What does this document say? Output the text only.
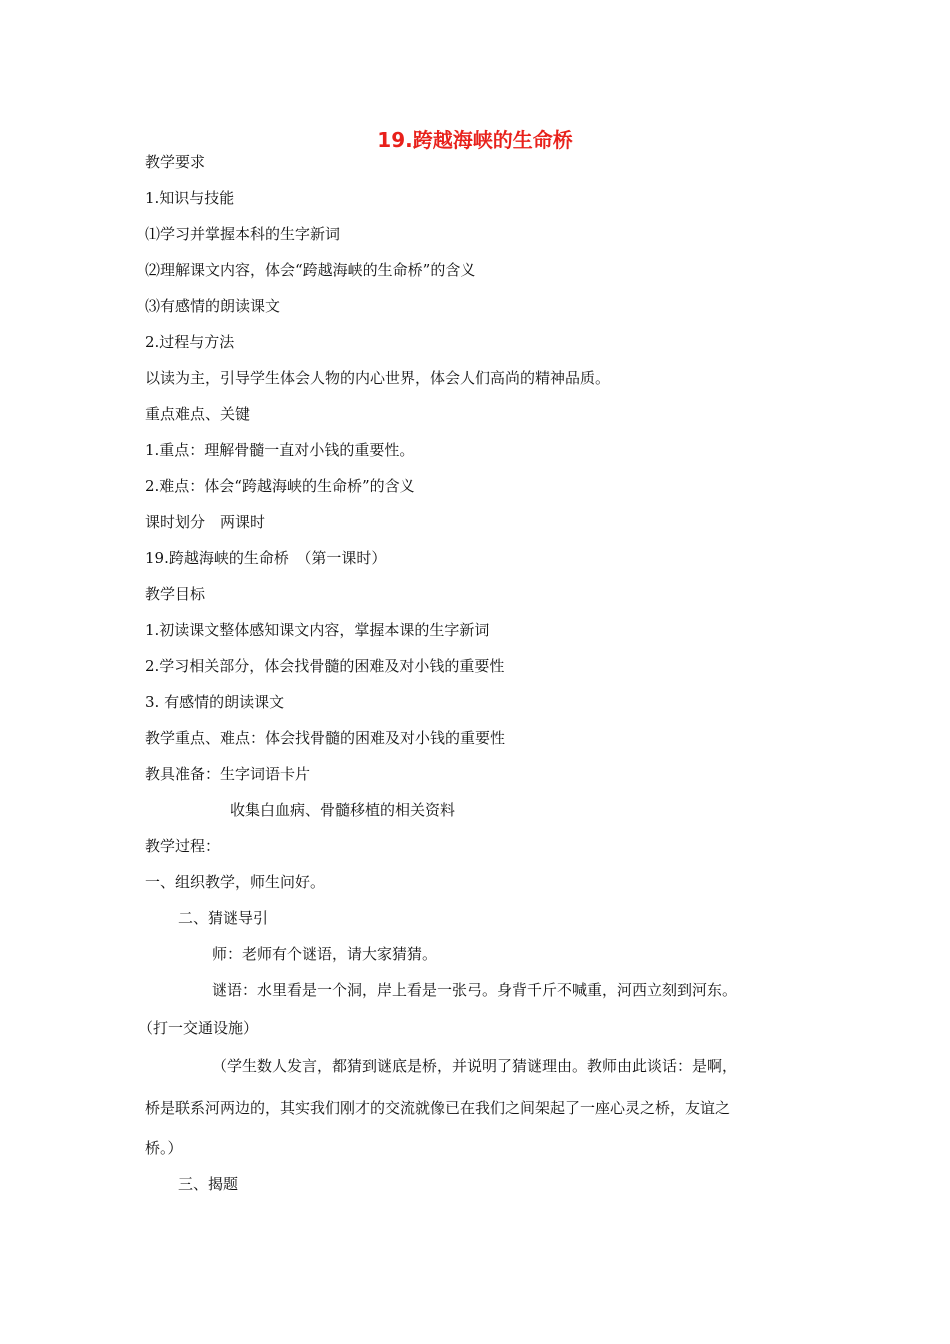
19.跨越海峡的生命桥
教学要求
1.知识与技能
⑴学习并掌握本科的生字新词
⑵理解课文内容，体会“跨越海峡的生命桥”的含义
⑶有感情的朗读课文
2.过程与方法
以读为主，引导学生体会人物的内心世界，体会人们高尚的精神品质。
重点难点、关键
1.重点：理解骨髓一直对小钱的重要性。
2.难点：体会“跨越海峡的生命桥”的含义
课时划分　两课时
19.跨越海峡的生命桥　（第一课时）
教学目标
1.初读课文整体感知课文内容，掌握本课的生字新词
2.学习相关部分，体会找骨髓的困难及对小钱的重要性
3. 有感情的朗读课文
教学重点、难点：体会找骨髓的困难及对小钱的重要性
教具准备：生字词语卡片
收集白血病、骨髓移植的相关资料
教学过程：
一、组织教学，师生问好。
二、猜谜导引
师：老师有个谜语，请大家猜猜。
谜语：水里看是一个洞，岸上看是一张弓。身背千斤不喊重，河西立刻到河东。
（打一交通设施）
（学生数人发言，都猜到谜底是桥，并说明了猜谜理由。教师由此谈话：是啊，
桥是联系河两边的，其实我们刚才的交流就像已在我们之间架起了一座心灵之桥，友谊之
桥。）
三、揭题
